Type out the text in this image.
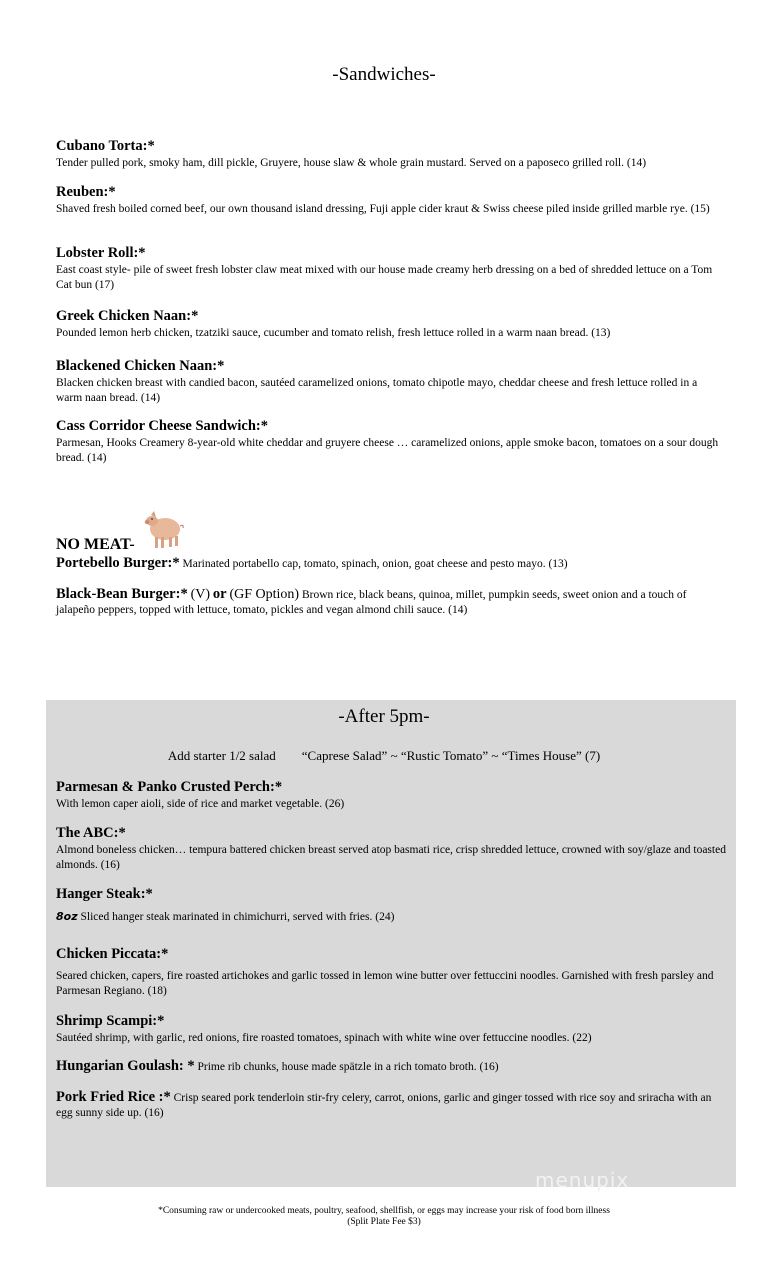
-Sandwiches-
Cubano Torta:*
Tender pulled pork, smoky ham, dill pickle, Gruyere, house slaw & whole grain mustard. Served on a paposeco grilled roll. (14)
Reuben:*
Shaved fresh boiled corned beef, our own thousand island dressing, Fuji apple cider kraut & Swiss cheese piled inside grilled marble rye. (15)
Lobster Roll:*
East coast style- pile of sweet fresh lobster claw meat mixed with our house made creamy herb dressing on a bed of shredded lettuce on a Tom Cat bun (17)
Greek Chicken Naan:*
Pounded lemon herb chicken, tzatziki sauce, cucumber and tomato relish, fresh lettuce rolled in a warm naan bread. (13)
Blackened Chicken Naan:*
Blacken chicken breast with candied bacon, sautéed caramelized onions, tomato chipotle mayo, cheddar cheese and fresh lettuce rolled in a warm naan bread. (14)
Cass Corridor Cheese Sandwich:*
Parmesan, Hooks Creamery 8-year-old white cheddar and gruyere cheese … caramelized onions, apple smoke bacon, tomatoes on a sour dough bread. (14)
NO MEAT-
Portebello Burger:* Marinated portabello cap, tomato, spinach, onion, goat cheese and pesto mayo. (13)
Black-Bean Burger:* (V) or (GF Option) Brown rice, black beans, quinoa, millet, pumpkin seeds, sweet onion and a touch of jalapeño peppers, topped with lettuce, tomato, pickles and vegan almond chili sauce. (14)
-After 5pm-
Add starter 1/2 salad “Caprese Salad” ~ “Rustic Tomato” ~ “Times House” (7)
Parmesan & Panko Crusted Perch:*
With lemon caper aioli, side of rice and market vegetable. (26)
The ABC:*
Almond boneless chicken… tempura battered chicken breast served atop basmati rice, crisp shredded lettuce, crowned with soy/glaze and toasted almonds. (16)
Hanger Steak:*
8oz Sliced hanger steak marinated in chimichurri, served with fries. (24)
Chicken Piccata:*
Seared chicken, capers, fire roasted artichokes and garlic tossed in lemon wine butter over fettuccini noodles. Garnished with fresh parsley and Parmesan Regiano. (18)
Shrimp Scampi:*
Sautéed shrimp, with garlic, red onions, fire roasted tomatoes, spinach with white wine over fettuccine noodles. (22)
Hungarian Goulash: * Prime rib chunks, house made spätzle in a rich tomato broth. (16)
Pork Fried Rice :* Crisp seared pork tenderloin stir-fry celery, carrot, onions, garlic and ginger tossed with rice soy and sriracha with an egg sunny side up. (16)
menupix
*Consuming raw or undercooked meats, poultry, seafood, shellfish, or eggs may increase your risk of food born illness
(Split Plate Fee $3)
